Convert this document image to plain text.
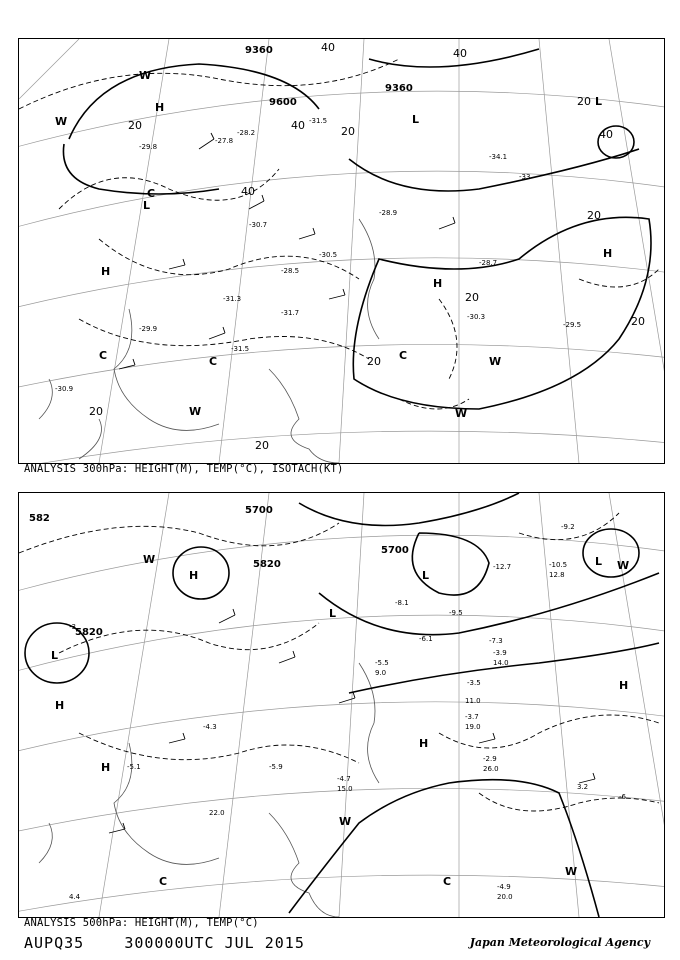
9360
9360
9600
40	40
40
40
40
20	20
20
20
20
20
20
20
20
H
H
H
H
L
L
L
C
C	C	C
W
W
W
W	W
-27.8
-28.2
-31.5
-30.7
-28.9
-34.1
-33
-28.7
-29.5
-30.3
-31.3
-29.9
-31.5
-28.5
-30.5
-31.7
-29.8
-30.9
ANALYSIS 300hPa: HEIGHT(M), TEMP(°C), ISOTACH(KT)
5700
5700
5820
5820
582
H
H
H
H
H
L
L
L
L
C
C
W
W
W
W
-12.7
-7.3
-9.5
-6.1
-3.9
-5.5
-4.7
-2.9
-3.7
-4.9
-6
-3
-5.1
-4.3
-10.5
-9.2
-5.9
-8.1
-3.5
14.0
12.8
22.0
20.0
26.0
19.0
11.0
15.0
9.0
3.2
4.4
ANALYSIS 500hPa: HEIGHT(M), TEMP(°C)
AUPQ35	300000UTC JUL 2015	Japan Meteorological Agency
